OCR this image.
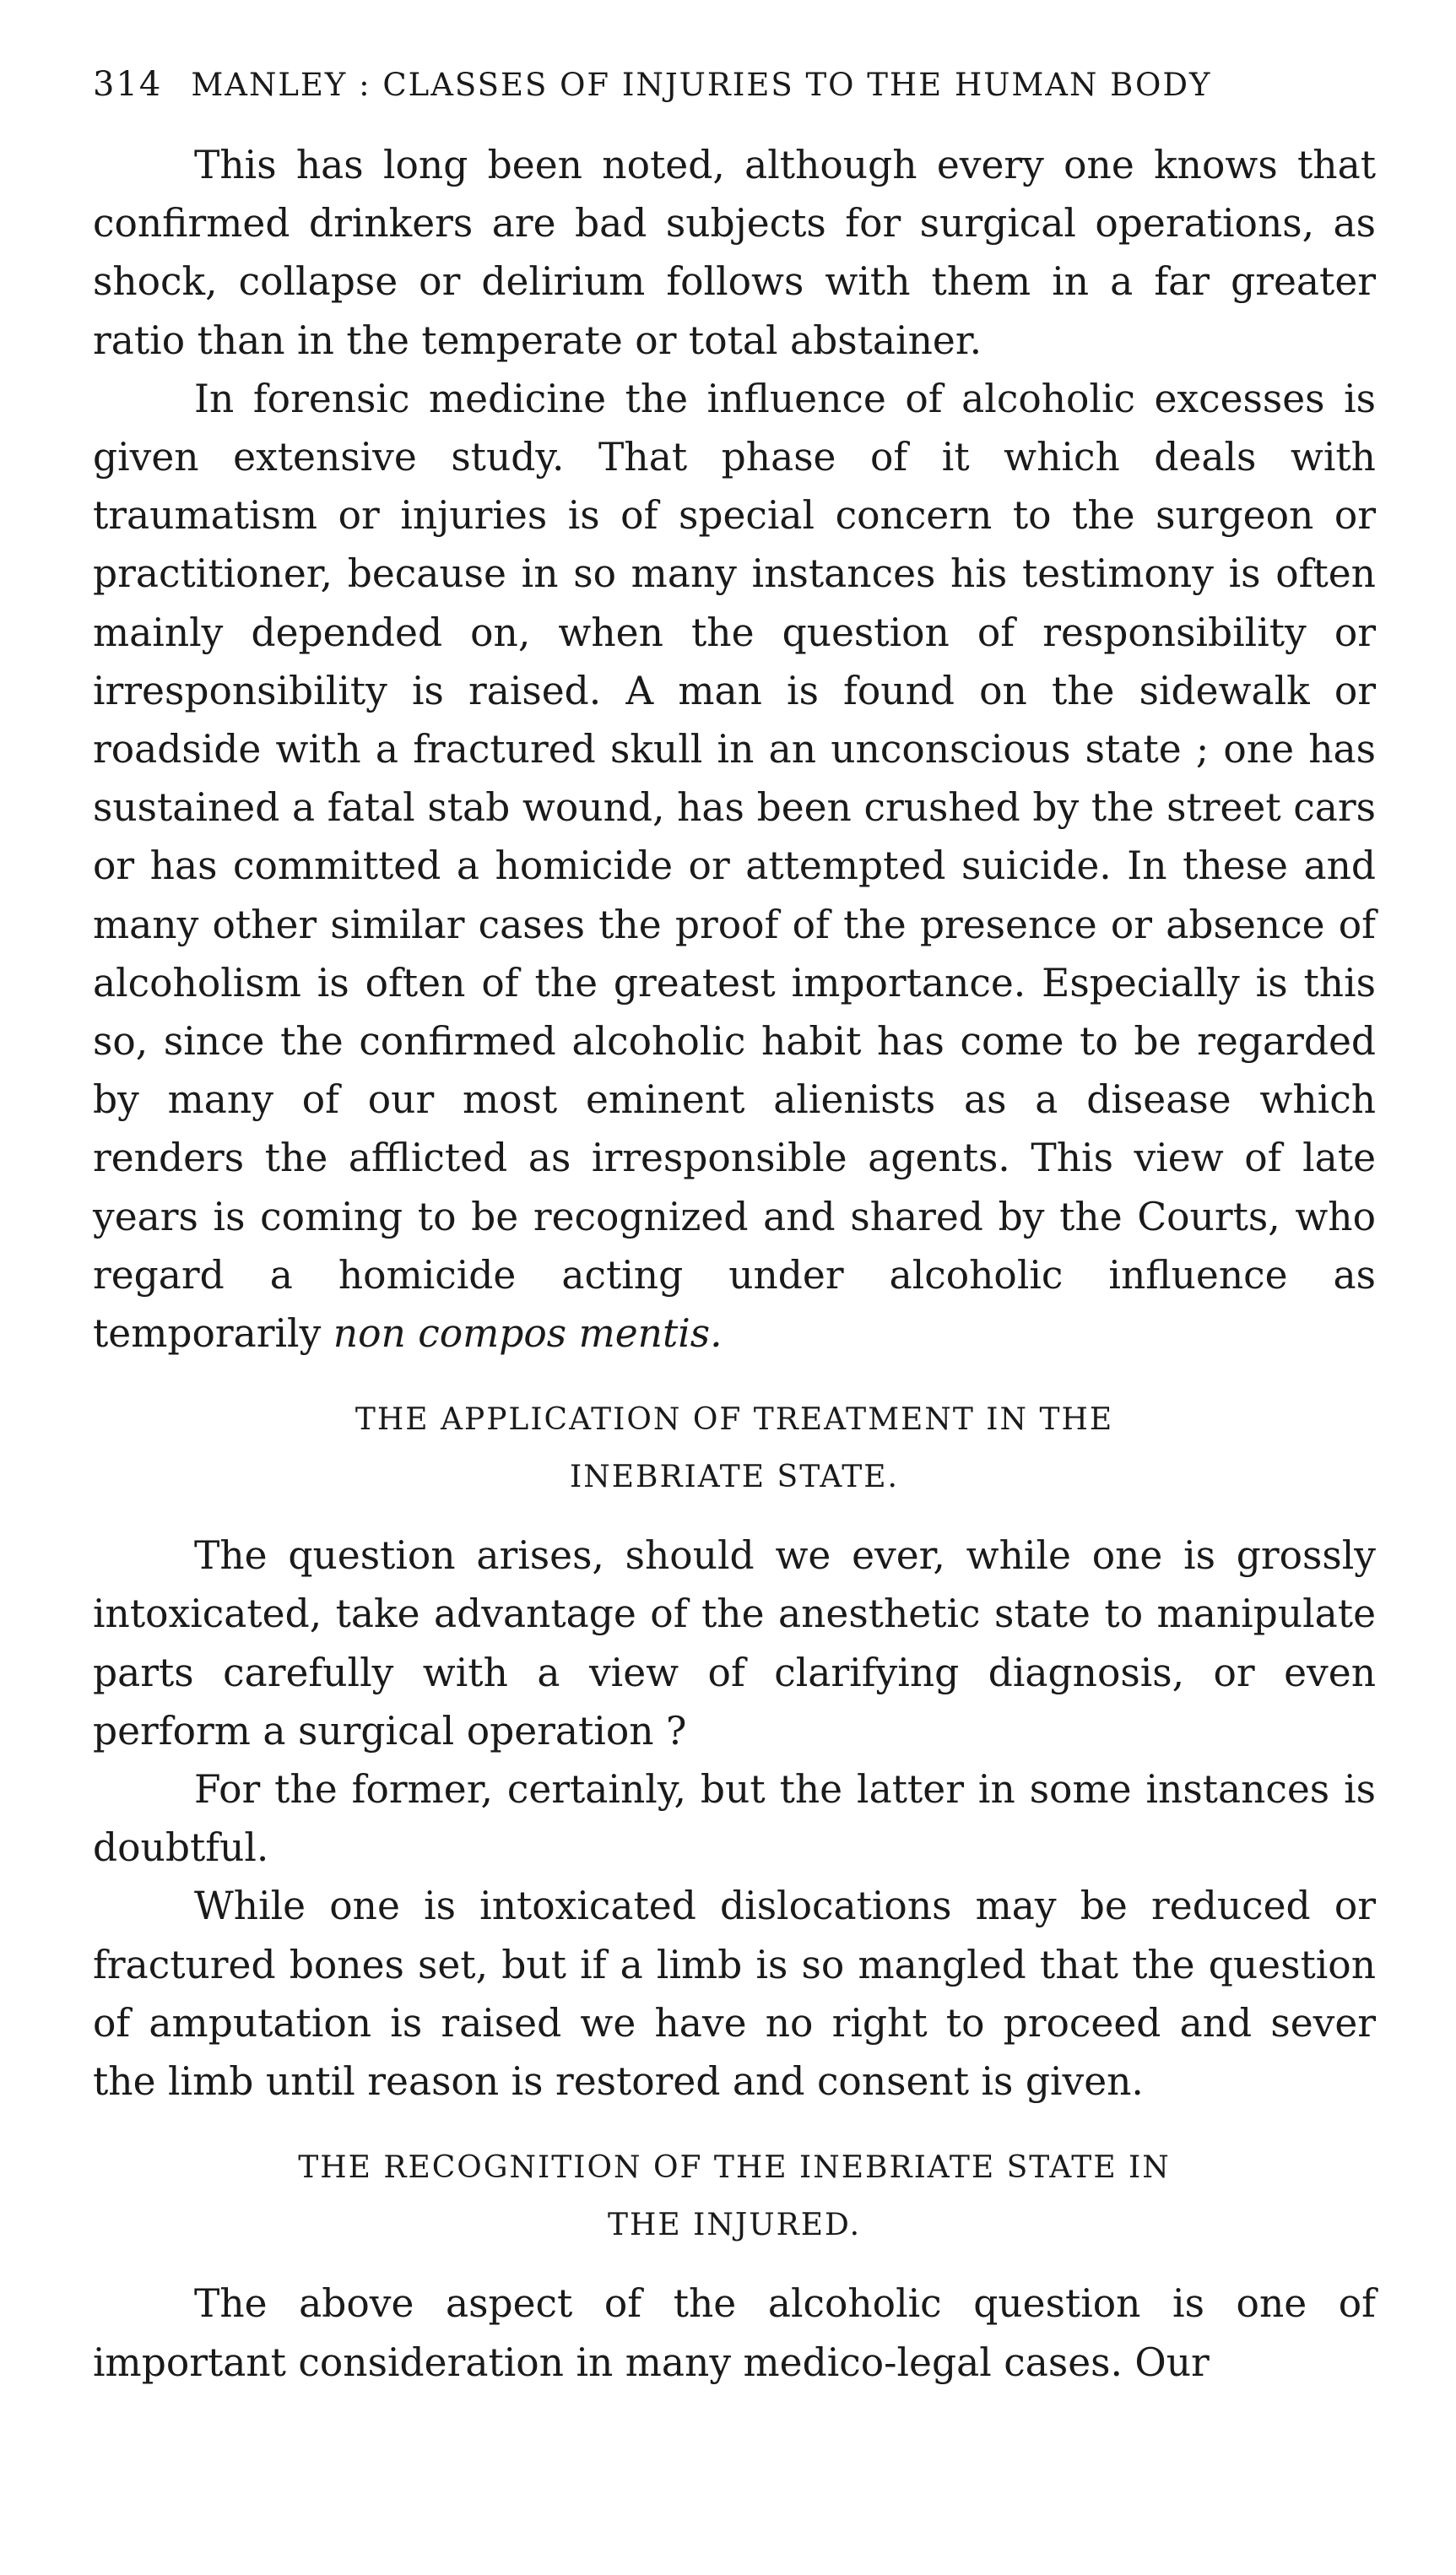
314 MANLEY : CLASSES OF INJURIES TO THE HUMAN BODY

This has long been noted, although every one knows that confirmed drinkers are bad subjects for surgical operations, as shock, collapse or delirium follows with them in a far greater ratio than in the temperate or total abstainer.

In forensic medicine the influence of alcoholic excesses is given extensive study. That phase of it which deals with traumatism or injuries is of special concern to the surgeon or practitioner, because in so many instances his testimony is often mainly depended on, when the question of responsibility or irresponsibility is raised. A man is found on the sidewalk or roadside with a fractured skull in an unconscious state ; one has sustained a fatal stab wound, has been crushed by the street cars or has committed a homicide or attempted suicide. In these and many other similar cases the proof of the presence or absence of alcoholism is often of the greatest importance. Especially is this so, since the confirmed alcoholic habit has come to be regarded by many of our most eminent alienists as a disease which renders the afflicted as irresponsible agents. This view of late years is coming to be recognized and shared by the Courts, who regard a homicide acting under alcoholic influence as temporarily non compos mentis.

THE APPLICATION OF TREATMENT IN THE
INEBRIATE STATE.

The question arises, should we ever, while one is grossly intoxicated, take advantage of the anesthetic state to manipulate parts carefully with a view of clarifying diagnosis, or even perform a surgical operation ?

For the former, certainly, but the latter in some instances is doubtful.

While one is intoxicated dislocations may be reduced or fractured bones set, but if a limb is so mangled that the question of amputation is raised we have no right to proceed and sever the limb until reason is restored and consent is given.

THE RECOGNITION OF THE INEBRIATE STATE IN
THE INJURED.

The above aspect of the alcoholic question is one of important consideration in many medico-legal cases. Our
